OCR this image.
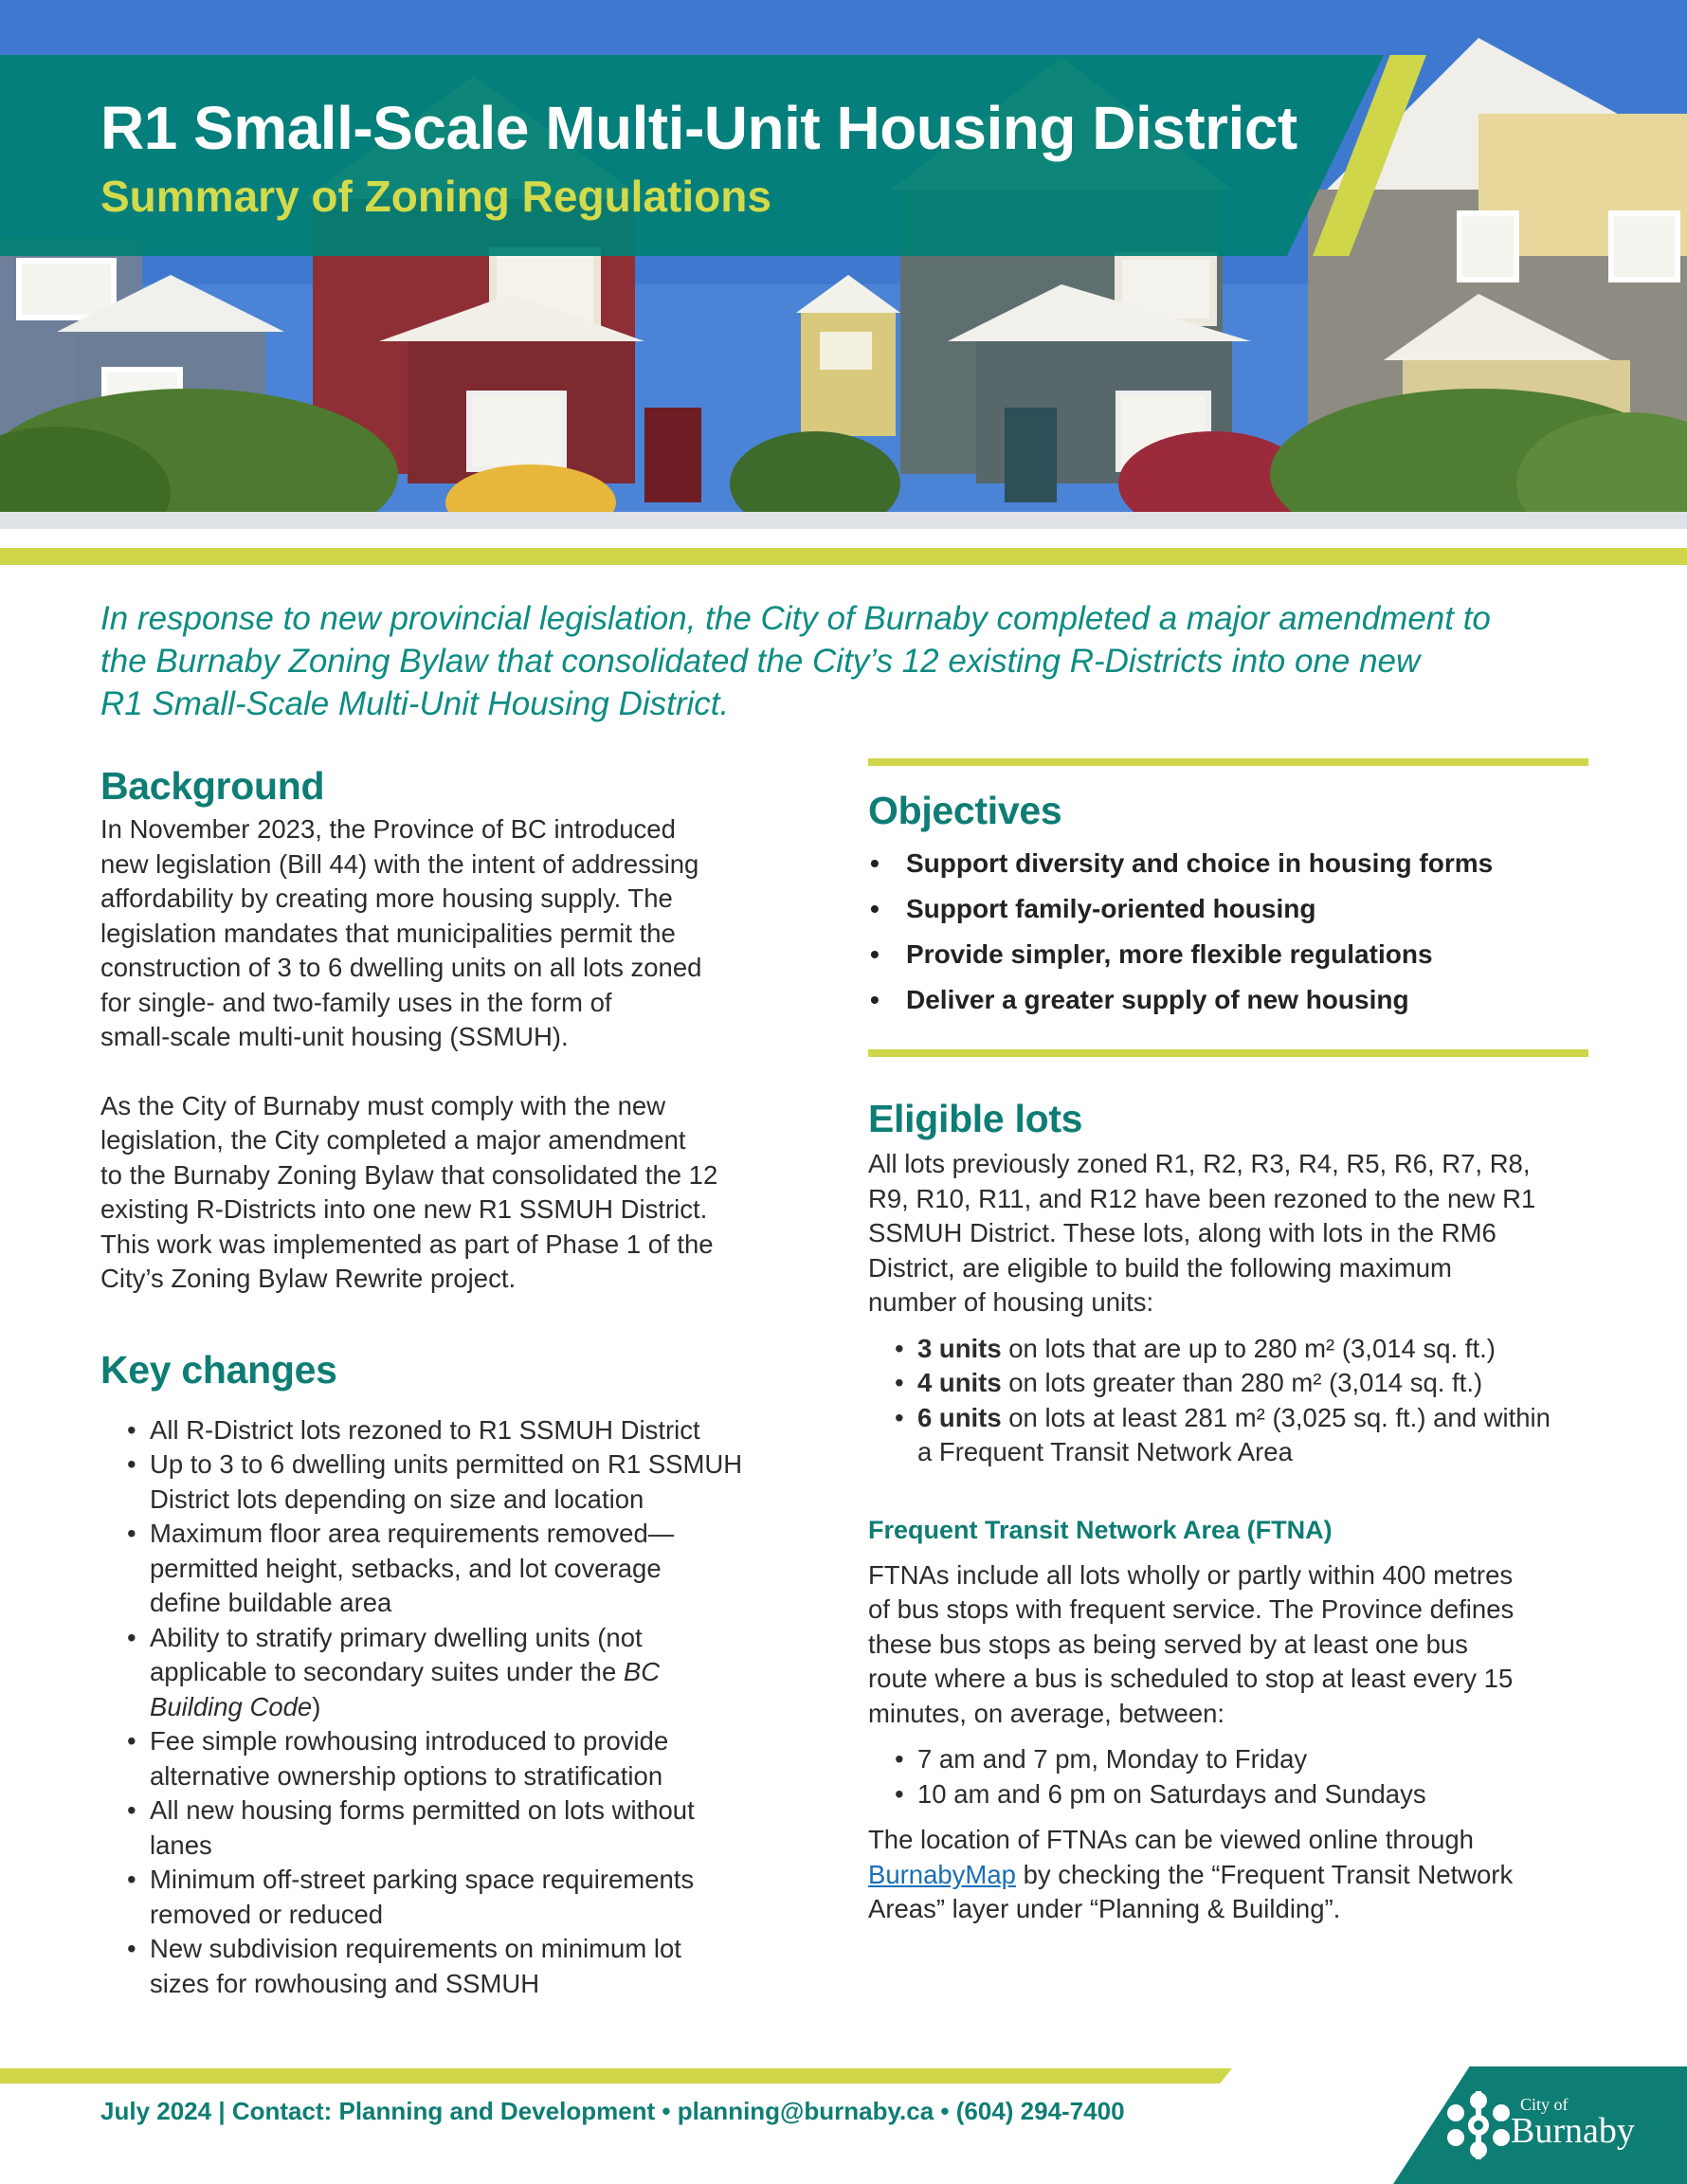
R1 Small-Scale Multi-Unit Housing District

Summary of Zoning Regulations

In response to new provincial legislation, the City of Burnaby completed a major amendment to
the Burnaby Zoning Bylaw that consolidated the City’s 12 existing R-Districts into one new
R1 Small-Scale Multi-Unit Housing District.

Background

In November 2023, the Province of BC introduced
new legislation (Bill 44) with the intent of addressing
affordability by creating more housing supply. The
legislation mandates that municipalities permit the
construction of 3 to 6 dwelling units on all lots zoned
for single- and two-family uses in the form of
small-scale multi-unit housing (SSMUH).

As the City of Burnaby must comply with the new
legislation, the City completed a major amendment
to the Burnaby Zoning Bylaw that consolidated the 12
existing R-Districts into one new R1 SSMUH District.
This work was implemented as part of Phase 1 of the
City’s Zoning Bylaw Rewrite project.

Key changes
• All R-District lots rezoned to R1 SSMUH District
• Up to 3 to 6 dwelling units permitted on R1 SSMUH
District lots depending on size and location
• Maximum floor area requirements removed—
permitted height, setbacks, and lot coverage
define buildable area
• Ability to stratify primary dwelling units (not
applicable to secondary suites under the BC
Building Code)
• Fee simple rowhousing introduced to provide
alternative ownership options to stratification
• All new housing forms permitted on lots without
lanes
• Minimum off-street parking space requirements
removed or reduced
• New subdivision requirements on minimum lot
sizes for rowhousing and SSMUH
Objectives
• Support diversity and choice in housing forms
• Support family-oriented housing
• Provide simpler, more flexible regulations
• Deliver a greater supply of new housing
Eligible lots

All lots previously zoned R1, R2, R3, R4, R5, R6, R7, R8,
R9, R10, R11, and R12 have been rezoned to the new R1
SSMUH District. These lots, along with lots in the RM6
District, are eligible to build the following maximum
number of housing units:

• 3 units on lots that are up to 280 m² (3,014 sq. ft.)
• 4 units on lots greater than 280 m² (3,014 sq. ft.)
• 6 units on lots at least 281 m² (3,025 sq. ft.) and within
a Frequent Transit Network Area
Frequent Transit Network Area (FTNA)

FTNAs include all lots wholly or partly within 400 metres
of bus stops with frequent service. The Province defines
these bus stops as being served by at least one bus
route where a bus is scheduled to stop at least every 15
minutes, on average, between:

• 7 am and 7 pm, Monday to Friday
• 10 am and 6 pm on Saturdays and Sundays

The location of FTNAs can be viewed online through
BurnabyMap by checking the “Frequent Transit Network
Areas” layer under “Planning & Building”.

July 2024 | Contact: Planning and Development • planning@burnaby.ca • (604) 294-7400	City of

Burnaby
